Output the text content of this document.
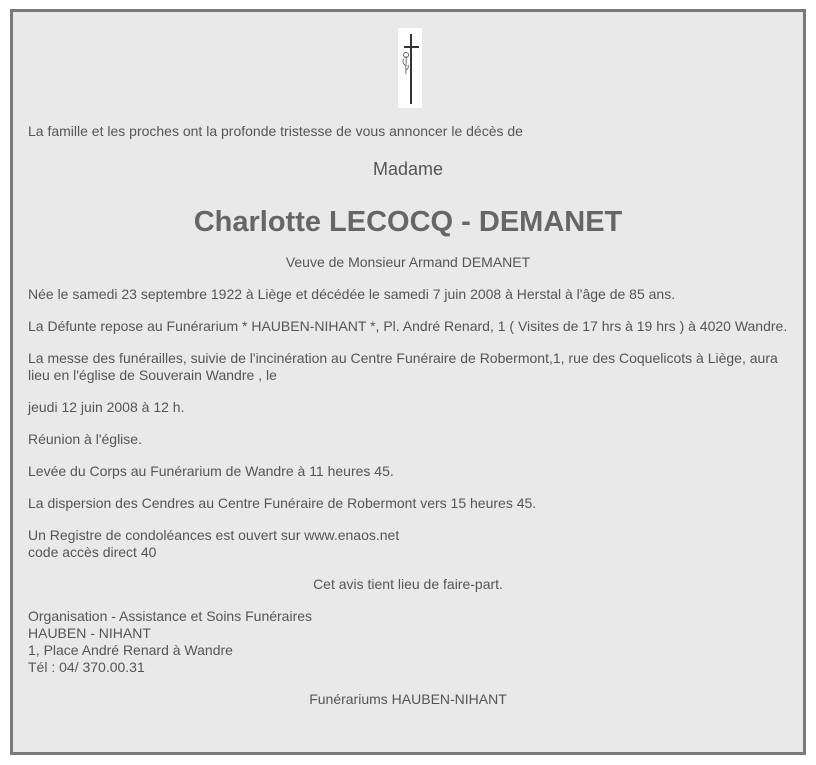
La famille et les proches ont la profonde tristesse de vous annoncer le décès de

Madame

Charlotte LECOCQ - DEMANET

Veuve de Monsieur Armand DEMANET

Née le samedi 23 septembre 1922 à Liège et décédée le samedi 7 juin 2008 à Herstal à l'âge de 85 ans.

La Défunte repose au Funérarium * HAUBEN-NIHANT *, Pl. André Renard, 1 ( Visites de 17 hrs à 19 hrs ) à 4020 Wandre.

La messe des funérailles, suivie de l'incinération au Centre Funéraire de Robermont,1, rue des Coquelicots à Liège, aura lieu en l'église de Souverain Wandre , le

jeudi 12 juin 2008 à 12 h.

Réunion à l'église.

Levée du Corps au Funérarium de Wandre à 11 heures 45.

La dispersion des Cendres au Centre Funéraire de Robermont vers 15 heures 45.

Un Registre de condoléances est ouvert sur www.enaos.net
code accès direct 40

Cet avis tient lieu de faire-part.

Organisation - Assistance et Soins Funéraires
HAUBEN - NIHANT
1, Place André Renard à Wandre
Tél : 04/ 370.00.31

Funérariums HAUBEN-NIHANT
